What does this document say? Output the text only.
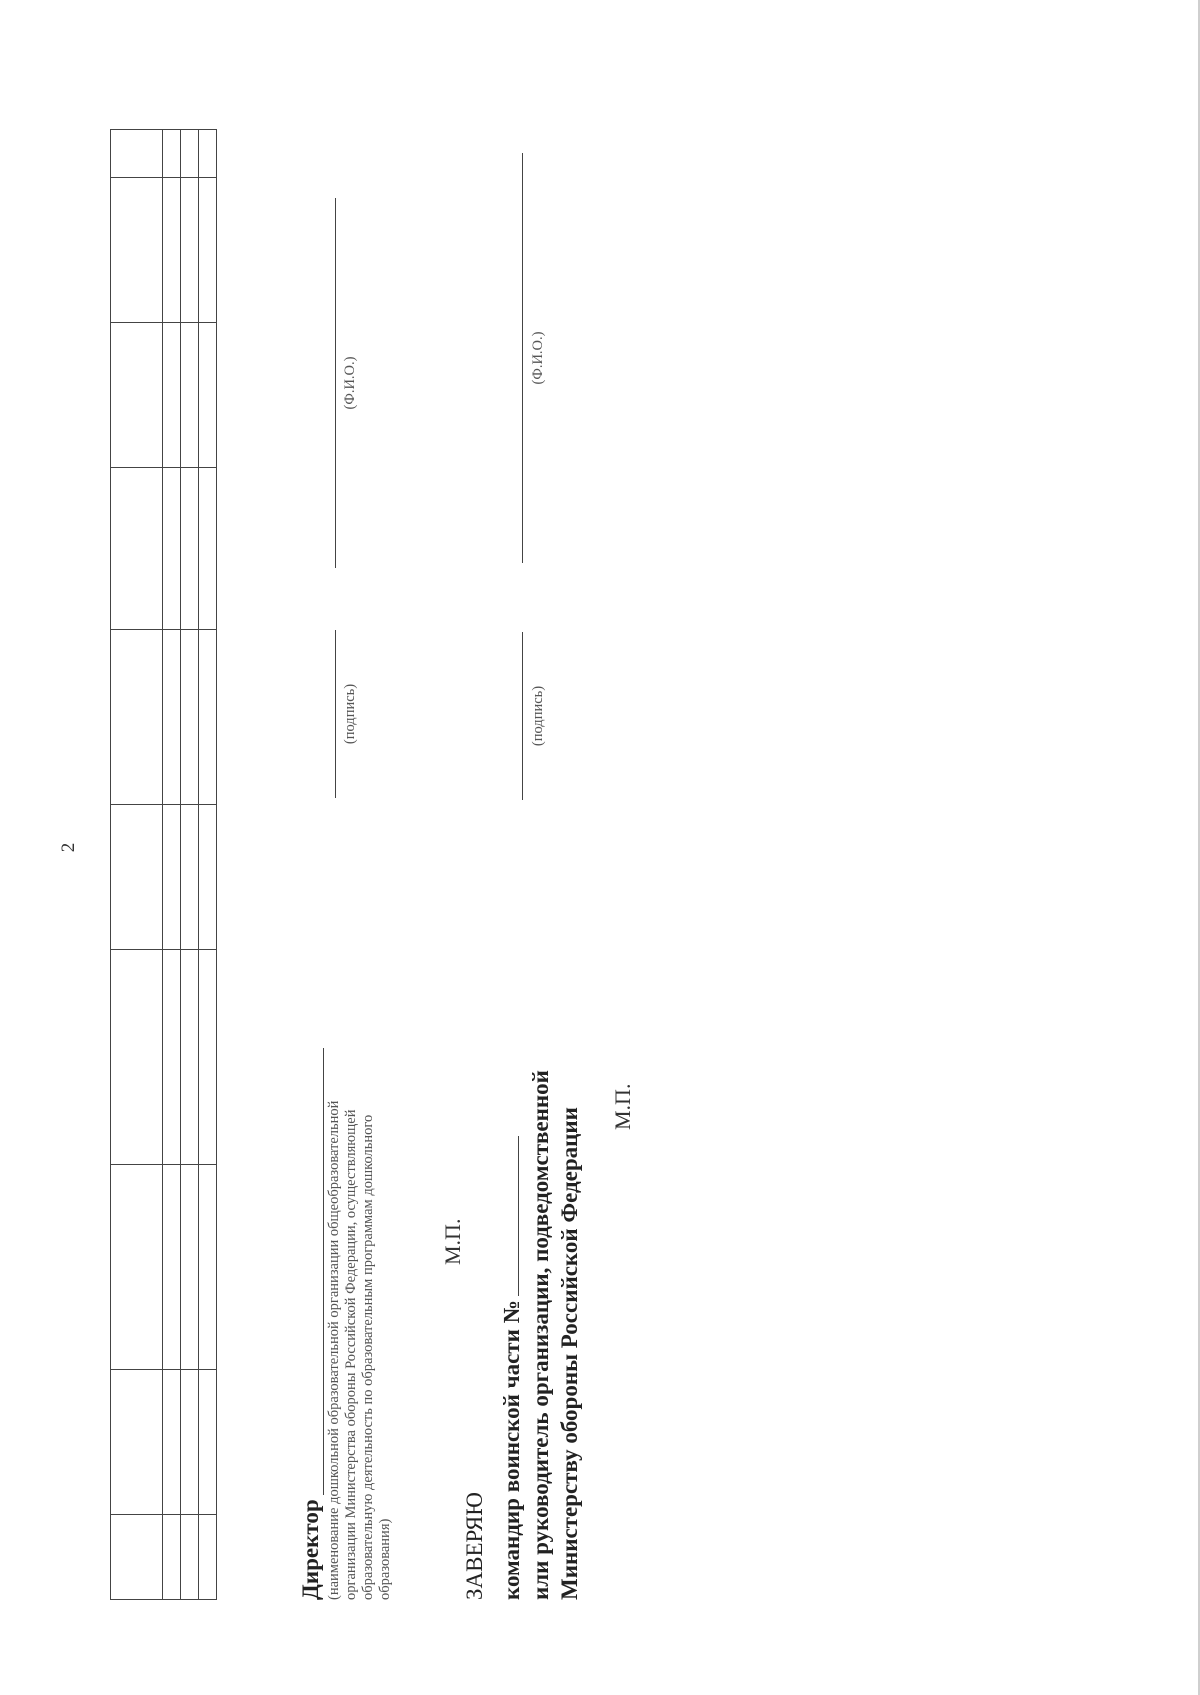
2

Директор (наименование дошкольной образовательной организации общеобразовательной организации Министерства обороны Российской Федерации, осуществляющей образовательную деятельность по образовательным программам дошкольного образования)
М.П.
(подпись)
(Ф.И.О.)
ЗАВЕРЯЮ командир воинской части № или руководитель организации, подведомственной Министерству обороны Российской Федерации
М.П.
(подпись)
(Ф.И.О.)
